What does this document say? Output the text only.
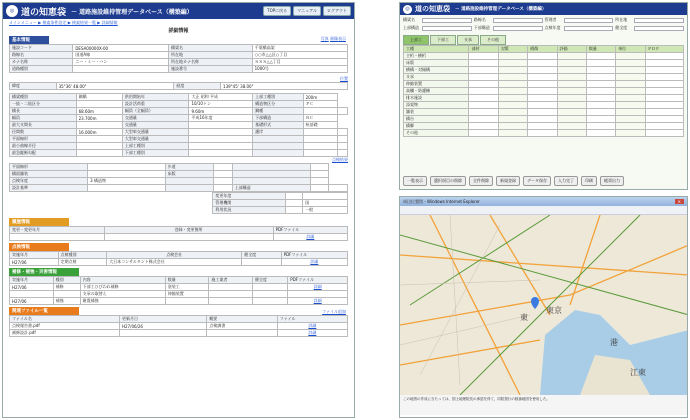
◎ 道の知恵袋 － 道路施設維持管理データベース（構築編）	TOPに戻る	マニュアル	ログアウト
メインメニュー ▶ 検索条件設定 ▶ 検索結果一覧 ▶ 詳細情報
詳細情報
写真 画像表示
基本情報
施設コード	DESA00000X-00	橋梁名	千葉橋高架
路線名	国道A線	所在地	○○市△△区○丁目
カナ名称	ニー・ミー・ハン	所在地カナ名称	ＳＳＳ△△丁目
道路種別		施設番号	1000号
位置
緯度	35°36' 48.00"	経度	139°45' 38.00"
橋梁種別	鋼橋	供用開始年	大正 昭和 平成	上部工種別	200m	
一級・二級区分		設計活荷重	10/10トン	構造物区分	ＰＣ	
橋長	68.60m	幅員（全幅員）	9.60m	鋼種		
幅員	23.700m	交通量	平成16年度	下部構造	ＲＣ	
最大支間長		交通量		基礎形式	杭基礎	
径間数	16.000m	大型車交通量		護岸		
平面線形		大型車交通量				
最小曲線半径		上部工種別				
最急縦断勾配		下部工種別				
点検結果
平面線形		歩道				
橋面舗装		床版				
点検年度	3 構造物					
設計基準				上部構造		
変更年度		
管理機関		国
利用状況		一般
履歴情報
変更・変更年月	登録・変更箇所	PDFファイル
		詳細
点検情報
実施年月	点検種別	点検会社	健全度	PDFファイル
H27/06	定期点検	大日本コンサルタント株式会社		詳細
補修・補強・災害情報
実施年月	種別	内容	数量	施工業者	健全度	PDFファイル
H27/06	補修	下部工ひびわれ補修	塗装工			詳細
		支承の取替え	伸縮装置			
H27/06	補強	耐震補強				詳細
関連ファイル一覧	ファイル追加
ファイル名	更新月日	概要	ファイル
点検報告書.pdf	H27/06/26	点検調書	詳細
補修設計.pdf			詳細
◎ 道の知恵袋 － 道路施設維持管理データベース（構築編）
橋梁名	路線名	管理者	所在地
上部構造	下部構造	点検年度	健全度
上部工	下部工	支承	その他
工種	部材	対策	損傷	評価	数量	単位	ＰＤＦ
主桁・横桁							
床版							
横構・対傾構							
支承							
伸縮装置							
高欄・防護柵							
排水施設							
添架物							
舗装							
橋台							
橋脚							
その他							
一覧表示	選択項目の削除	全件削除	新規登録	データ保存	入力完了	印刷	帳票出力
周辺位置図 - Windows Internet Explorer	✕
東京
東
港
江東
この地図の作成に当たっては、国土地理院長の承認を得て、同院発行の数値地図を使用した。
